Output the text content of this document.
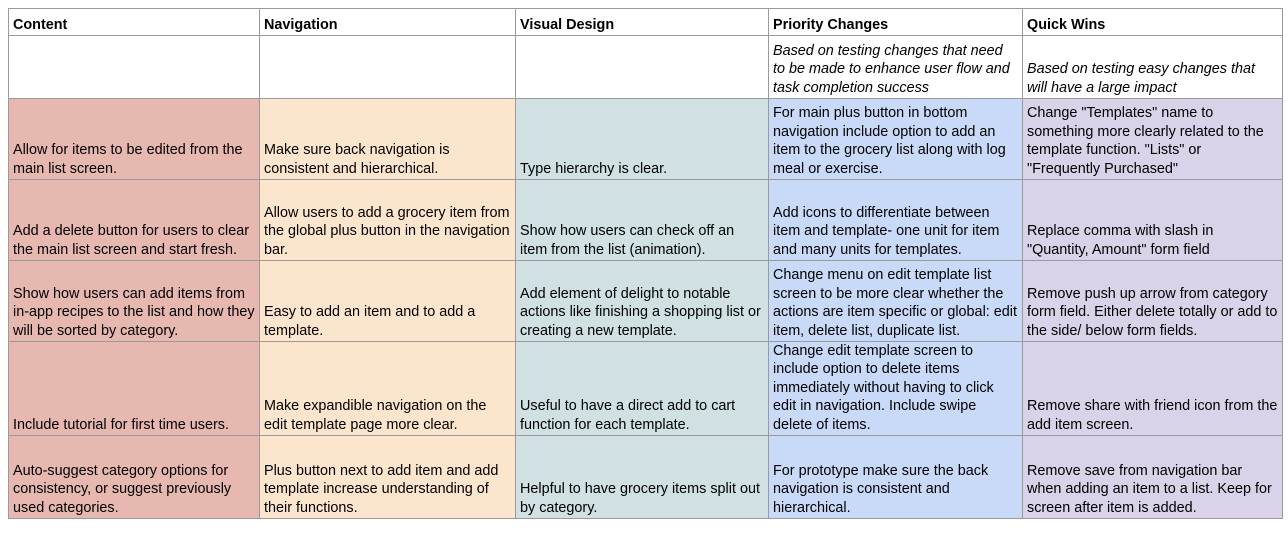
Content	Navigation	Visual Design	Priority Changes	Quick Wins
			Based on testing changes that need to be made to enhance user flow and task completion success	Based on testing easy changes that will have a large impact
Allow for items to be edited from the main list screen.	Make sure back navigation is consistent and hierarchical.	Type hierarchy is clear.	For main plus button in bottom navigation include option to add an item to the grocery list along with log meal or exercise.	Change "Templates" name to something more clearly related to the template function. "Lists" or "Frequently Purchased"
Add a delete button for users to clear the main list screen and start fresh.	Allow users to add a grocery item from the global plus button in the navigation bar.	Show how users can check off an item from the list (animation).	Add icons to differentiate between item and template- one unit for item and many units for templates.	Replace comma with slash in "Quantity, Amount" form field
Show how users can add items from in-app recipes to the list and how they will be sorted by category.	Easy to add an item and to add a template.	Add element of delight to notable actions like finishing a shopping list or creating a new template.	Change menu on edit template list screen to be more clear whether the actions are item specific or global: edit item, delete list, duplicate list.	Remove push up arrow from category form field. Either delete totally or add to the side/ below form fields.
Include tutorial for first time users.	Make expandible navigation on the edit template page more clear.	Useful to have a direct add to cart function for each template.	Change edit template screen to include option to delete items immediately without having to click edit in navigation. Include swipe delete of items.	Remove share with friend icon from the add item screen.
Auto-suggest category options for consistency, or suggest previously used categories.	Plus button next to add item and add template increase understanding of their functions.	Helpful to have grocery items split out by category.	For prototype make sure the back navigation is consistent and hierarchical.	Remove save from navigation bar when adding an item to a list. Keep for screen after item is added.
